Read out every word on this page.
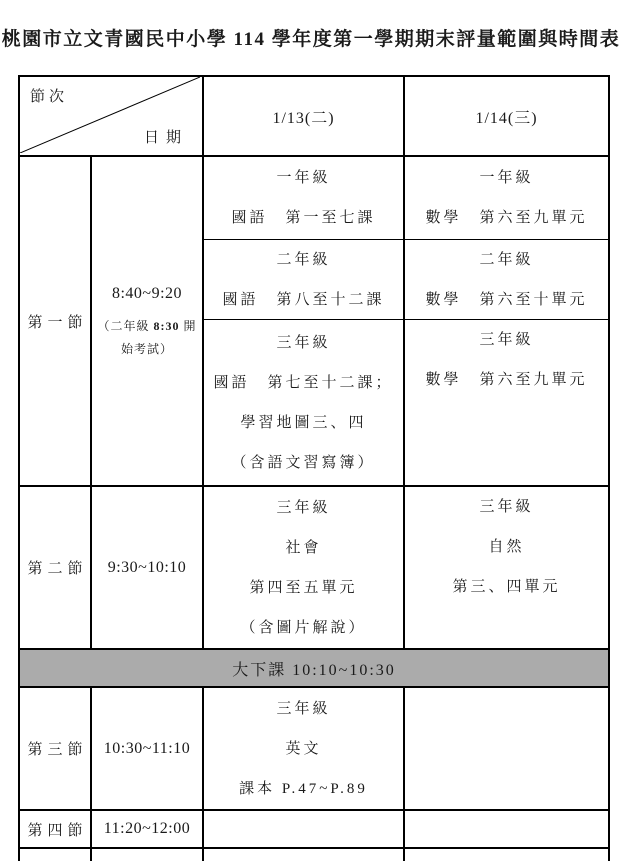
桃園市立文青國民中小學 114 學年度第一學期期末評量範圍與時間表
節次
日期
1/13(二)	1/14(三)
第一節
8:40~9:20
（二年級 8:30 開
始考試）
一年級
國語　第一至七課
二年級
國語　第八至十二課
三年級
國語　第七至十二課；
學習地圖三、四
（含語文習寫簿）
一年級
數學　第六至九單元
二年級
數學　第六至十單元
三年級
數學　第六至九單元
第二節 9:30~10:10
三年級
社會
第四至五單元
（含圖片解說）
三年級
自然
第三、四單元
大下課 10:10~10:30
第三節 10:30~11:10
三年級
英文
課本 P.47~P.89
第四節 11:20~12:00
